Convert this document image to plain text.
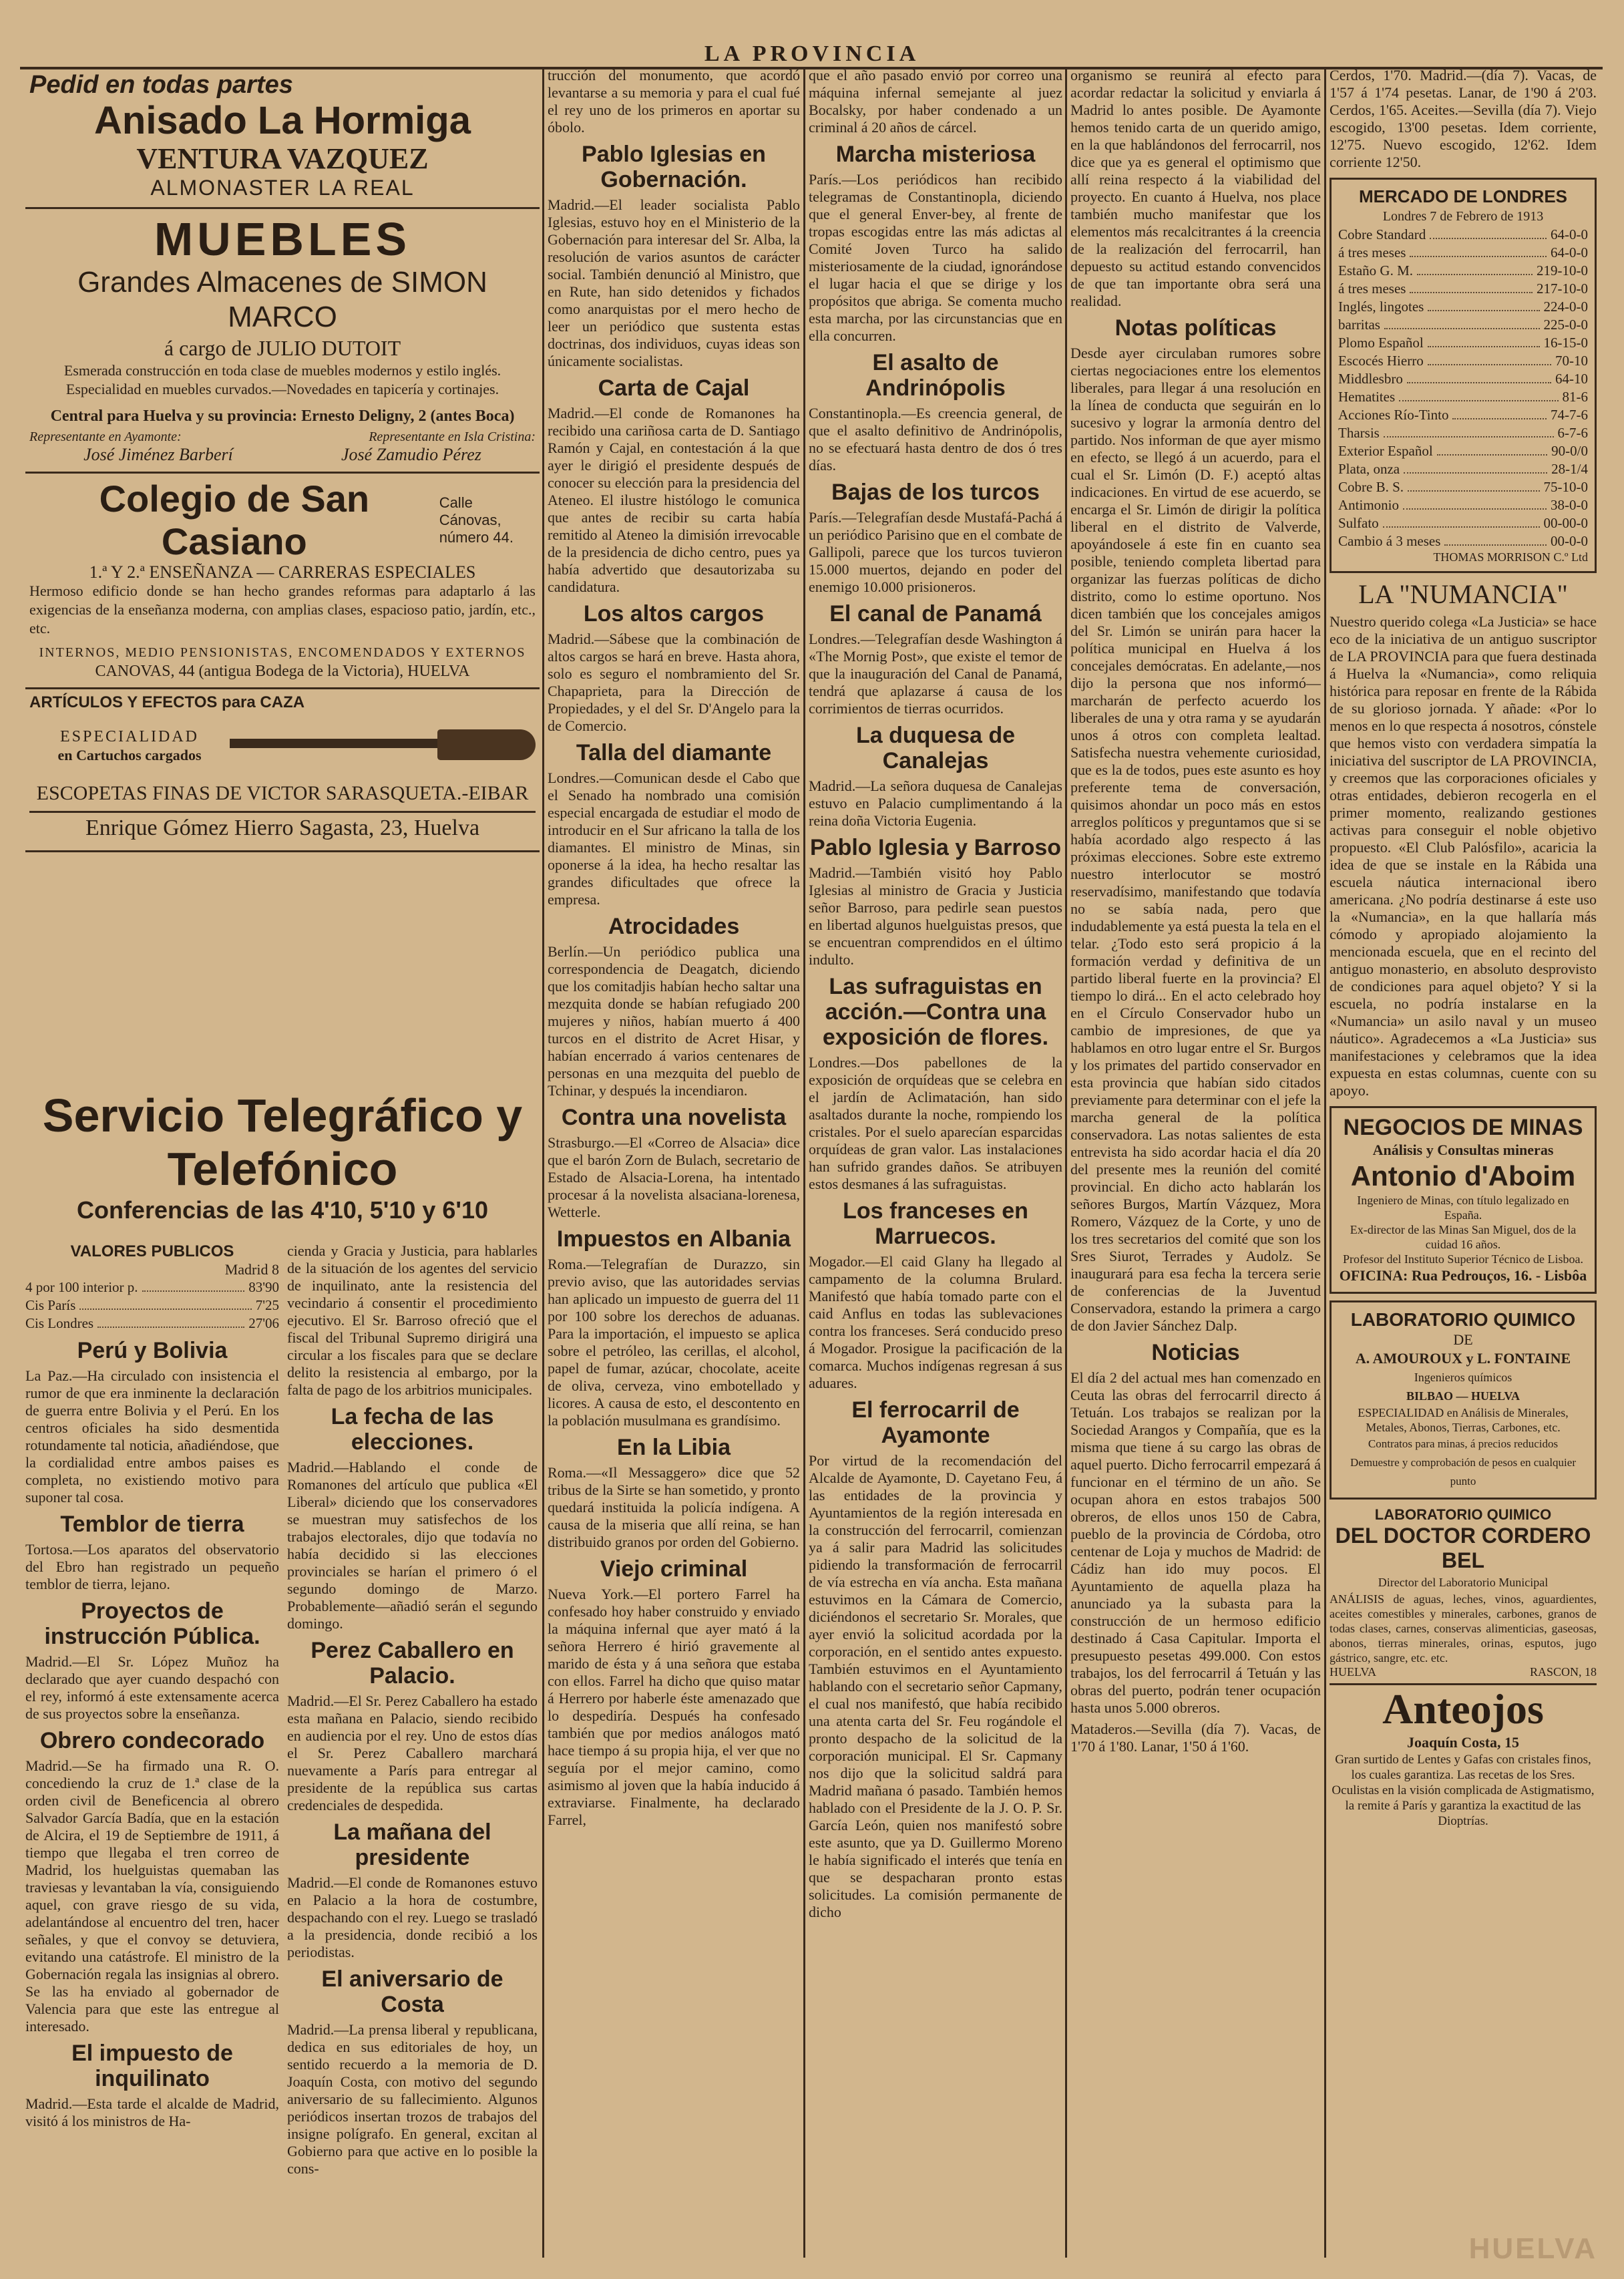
LA PROVINCIA
Pedid en todas partes
Anisado La Hormiga
VENTURA VAZQUEZ
ALMONASTER LA REAL
MUEBLES
Grandes Almacenes de SIMON MARCO
á cargo de JULIO DUTOIT
Esmerada construcción en toda clase de muebles modernos y estilo inglés.
Especialidad en muebles curvados.—Novedades en tapicería y cortinajes.
Central para Huelva y su provincia: Ernesto Deligny, 2 (antes Boca)
Representante en Ayamonte:	Representante en Isla Cristina:
José Jiménez Barberí	José Zamudio Pérez
Colegio de San Casiano
Calle Cánovas, número 44.
1.ª Y 2.ª ENSEÑANZA — CARRERAS ESPECIALES
Hermoso edificio donde se han hecho grandes reformas para adaptarlo á las exigencias de la enseñanza moderna, con amplias clases, espacioso patio, jardín, etc., etc.
INTERNOS, MEDIO PENSIONISTAS, ENCOMENDADOS Y EXTERNOS
CANOVAS, 44 (antigua Bodega de la Victoria), HUELVA
ARTÍCULOS Y EFECTOS para CAZA
ESPECIALIDAD
en Cartuchos cargados
ESCOPETAS FINAS DE VICTOR SARASQUETA.-EIBAR
Enrique Gómez Hierro Sagasta, 23, Huelva
Servicio Telegráfico y Telefónico
Conferencias de las 4'10, 5'10 y 6'10
VALORES PUBLICOS
Madrid 8
4 por 100 interior p.	83'90
Cis París	7'25
Cis Londres	27'06
Perú y Bolivia

La Paz.—Ha circulado con insistencia el rumor de que era inminente la declaración de guerra entre Bolivia y el Perú. En los centros oficiales ha sido desmentida rotundamente tal noticia, añadiéndose, que la cordialidad entre ambos paises es completa, no existiendo motivo para suponer tal cosa.

Temblor de tierra

Tortosa.—Los aparatos del observatorio del Ebro han registrado un pequeño temblor de tierra, lejano.

Proyectos de instrucción Pública.

Madrid.—El Sr. López Muñoz ha declarado que ayer cuando despachó con el rey, informó á este extensamente acerca de sus proyectos sobre la enseñanza.

Obrero condecorado

Madrid.—Se ha firmado una R. O. concediendo la cruz de 1.ª clase de la orden civil de Beneficencia al obrero Salvador García Badía, que en la estación de Alcira, el 19 de Septiembre de 1911, á tiempo que llegaba el tren correo de Madrid, los huelguistas quemaban las traviesas y levantaban la vía, consiguiendo aquel, con grave riesgo de su vida, adelantándose al encuentro del tren, hacer señales, y que el convoy se detuviera, evitando una catástrofe. El ministro de la Gobernación regala las insignias al obrero. Se las ha enviado al gobernador de Valencia para que este las entregue al interesado.

El impuesto de inquilinato

Madrid.—Esta tarde el alcalde de Madrid, visitó á los ministros de Ha-

cienda y Gracia y Justicia, para hablarles de la situación de los agentes del servicio de inquilinato, ante la resistencia del vecindario á consentir el procedimiento ejecutivo. El Sr. Barroso ofreció que el fiscal del Tribunal Supremo dirigirá una circular a los fiscales para que se declare delito la resistencia al embargo, por la falta de pago de los arbitrios municipales.

La fecha de las elecciones.

Madrid.—Hablando el conde de Romanones del artículo que publica «El Liberal» diciendo que los conservadores se muestran muy satisfechos de los trabajos electorales, dijo que todavía no había decidido si las elecciones provinciales se harían el primero ó el segundo domingo de Marzo. Probablemente—añadió serán el segundo domingo.

Perez Caballero en Palacio.

Madrid.—El Sr. Perez Caballero ha estado esta mañana en Palacio, siendo recibido en audiencia por el rey. Uno de estos días el Sr. Perez Caballero marchará nuevamente a París para entregar al presidente de la república sus cartas credenciales de despedida.

La mañana del presidente

Madrid.—El conde de Romanones estuvo en Palacio a la hora de costumbre, despachando con el rey. Luego se trasladó a la presidencia, donde recibió a los periodistas.

El aniversario de Costa

Madrid.—La prensa liberal y republicana, dedica en sus editoriales de hoy, un sentido recuerdo a la memoria de D. Joaquín Costa, con motivo del segundo aniversario de su fallecimiento. Algunos periódicos insertan trozos de trabajos del insigne polígrafo. En general, excitan al Gobierno para que active en lo posible la cons-

trucción del monumento, que acordó levantarse a su memoria y para el cual fué el rey uno de los primeros en aportar su óbolo.

Pablo Iglesias en Gobernación.

Madrid.—El leader socialista Pablo Iglesias, estuvo hoy en el Ministerio de la Gobernación para interesar del Sr. Alba, la resolución de varios asuntos de carácter social. También denunció al Ministro, que en Rute, han sido detenidos y fichados como anarquistas por el mero hecho de leer un periódico que sustenta estas doctrinas, dos individuos, cuyas ideas son únicamente socialistas.

Carta de Cajal

Madrid.—El conde de Romanones ha recibido una cariñosa carta de D. Santiago Ramón y Cajal, en contestación á la que ayer le dirigió el presidente después de conocer su elección para la presidencia del Ateneo. El ilustre histólogo le comunica que antes de recibir su carta había remitido al Ateneo la dimisión irrevocable de la presidencia de dicho centro, pues ya había advertido que desautorizaba su candidatura.

Los altos cargos

Madrid.—Sábese que la combinación de altos cargos se hará en breve. Hasta ahora, solo es seguro el nombramiento del Sr. Chapaprieta, para la Dirección de Propiedades, y el del Sr. D'Angelo para la de Comercio.

Talla del diamante

Londres.—Comunican desde el Cabo que el Senado ha nombrado una comisión especial encargada de estudiar el modo de introducir en el Sur africano la talla de los diamantes. El ministro de Minas, sin oponerse á la idea, ha hecho resaltar las grandes dificultades que ofrece la empresa.

Atrocidades

Berlín.—Un periódico publica una correspondencia de Deagatch, diciendo que los comitadjis habían hecho saltar una mezquita donde se habían refugiado 200 mujeres y niños, habían muerto á 400 turcos en el distrito de Acret Hisar, y habían encerrado á varios centenares de personas en una mezquita del pueblo de Tchinar, y después la incendiaron.

Contra una novelista

Strasburgo.—El «Correo de Alsacia» dice que el barón Zorn de Bulach, secretario de Estado de Alsacia-Lorena, ha intentado procesar á la novelista alsaciana-lorenesa, Wetterle.

Impuestos en Albania

Roma.—Telegrafían de Durazzo, sin previo aviso, que las autoridades servias han aplicado un impuesto de guerra del 11 por 100 sobre los derechos de aduanas. Para la importación, el impuesto se aplica sobre el petróleo, las cerillas, el alcohol, papel de fumar, azúcar, chocolate, aceite de oliva, cerveza, vino embotellado y licores. A causa de esto, el descontento en la población musulmana es grandísimo.

En la Libia

Roma.—«Il Messaggero» dice que 52 tribus de la Sirte se han sometido, y pronto quedará instituida la policía indígena. A causa de la miseria que allí reina, se han distribuido granos por orden del Gobierno.

Viejo criminal

Nueva York.—El portero Farrel ha confesado hoy haber construido y enviado la máquina infernal que ayer mató á la señora Herrero é hirió gravemente al marido de ésta y á una señora que estaba con ellos. Farrel ha dicho que quiso matar á Herrero por haberle éste amenazado que lo despediría. Después ha confesado también que por medios análogos mató hace tiempo á su propia hija, el ver que no seguía por el mejor camino, como asimismo al joven que la había inducido á extraviarse. Finalmente, ha declarado Farrel,

que el año pasado envió por correo una máquina infernal semejante al juez Bocalsky, por haber condenado a un criminal á 20 años de cárcel.

Marcha misteriosa

París.—Los periódicos han recibido telegramas de Constantinopla, diciendo que el general Enver-bey, al frente de tropas escogidas entre las más adictas al Comité Joven Turco ha salido misteriosamente de la ciudad, ignorándose el lugar hacia el que se dirige y los propósitos que abriga. Se comenta mucho esta marcha, por las circunstancias que en ella concurren.

El asalto de Andrinópolis

Constantinopla.—Es creencia general, de que el asalto definitivo de Andrinópolis, no se efectuará hasta dentro de dos ó tres días.

Bajas de los turcos

París.—Telegrafían desde Mustafá-Pachá á un periódico Parisino que en el combate de Gallipoli, parece que los turcos tuvieron 15.000 muertos, dejando en poder del enemigo 10.000 prisioneros.

El canal de Panamá

Londres.—Telegrafían desde Washington á «The Mornig Post», que existe el temor de que la inauguración del Canal de Panamá, tendrá que aplazarse á causa de los corrimientos de tierras ocurridos.

La duquesa de Canalejas

Madrid.—La señora duquesa de Canalejas estuvo en Palacio cumplimentando á la reina doña Victoria Eugenia.

Pablo Iglesia y Barroso

Madrid.—También visitó hoy Pablo Iglesias al ministro de Gracia y Justicia señor Barroso, para pedirle sean puestos en libertad algunos huelguistas presos, que se encuentran comprendidos en el último indulto.

Las sufraguistas en acción.—Contra una exposición de flores.

Londres.—Dos pabellones de la exposición de orquídeas que se celebra en el jardín de Aclimatación, han sido asaltados durante la noche, rompiendo los cristales. Por el suelo aparecían esparcidas orquídeas de gran valor. Las instalaciones han sufrido grandes daños. Se atribuyen estos desmanes á las sufraguistas.

Los franceses en Marruecos.

Mogador.—El caid Glany ha llegado al campamento de la columna Brulard. Manifestó que había tomado parte con el caid Anflus en todas las sublevaciones contra los franceses. Será conducido preso á Mogador. Prosigue la pacificación de la comarca. Muchos indígenas regresan á sus aduares.

El ferrocarril de Ayamonte

Por virtud de la recomendación del Alcalde de Ayamonte, D. Cayetano Feu, á las entidades de la provincia y Ayuntamientos de la región interesada en la construcción del ferrocarril, comienzan ya á salir para Madrid las solicitudes pidiendo la transformación de ferrocarril de vía estrecha en vía ancha. Esta mañana estuvimos en la Cámara de Comercio, diciéndonos el secretario Sr. Morales, que ayer envió la solicitud acordada por la corporación, en el sentido antes expuesto. También estuvimos en el Ayuntamiento hablando con el secretario señor Capmany, el cual nos manifestó, que había recibido una atenta carta del Sr. Feu rogándole el pronto despacho de la solicitud de la corporación municipal. El Sr. Capmany nos dijo que la solicitud saldrá para Madrid mañana ó pasado. También hemos hablado con el Presidente de la J. O. P. Sr. García León, quien nos manifestó sobre este asunto, que ya D. Guillermo Moreno le había significado el interés que tenía en que se despacharan pronto estas solicitudes. La comisión permanente de dicho

organismo se reunirá al efecto para acordar redactar la solicitud y enviarla á Madrid lo antes posible. De Ayamonte hemos tenido carta de un querido amigo, en la que hablándonos del ferrocarril, nos dice que ya es general el optimismo que allí reina respecto á la viabilidad del proyecto. En cuanto á Huelva, nos place también mucho manifestar que los elementos más recalcitrantes á la creencia de la realización del ferrocarril, han depuesto su actitud estando convencidos de que tan importante obra será una realidad.

Notas políticas

Desde ayer circulaban rumores sobre ciertas negociaciones entre los elementos liberales, para llegar á una resolución en la línea de conducta que seguirán en lo sucesivo y lograr la armonía dentro del partido. Nos informan de que ayer mismo en efecto, se llegó á un acuerdo, para el cual el Sr. Limón (D. F.) aceptó altas indicaciones. En virtud de ese acuerdo, se encarga el Sr. Limón de dirigir la política liberal en el distrito de Valverde, apoyándosele á este fin en cuanto sea posible, teniendo completa libertad para organizar las fuerzas políticas de dicho distrito, como lo estime oportuno. Nos dicen también que los concejales amigos del Sr. Limón se unirán para hacer la política municipal en Huelva á los concejales demócratas. En adelante,—nos dijo la persona que nos informó—marcharán de perfecto acuerdo los liberales de una y otra rama y se ayudarán unos á otros con completa lealtad. Satisfecha nuestra vehemente curiosidad, que es la de todos, pues este asunto es hoy preferente tema de conversación, quisimos ahondar un poco más en estos arreglos políticos y preguntamos que si se había acordado algo respecto á las próximas elecciones. Sobre este extremo nuestro interlocutor se mostró reservadísimo, manifestando que todavía no se sabía nada, pero que indudablemente ya está puesta la tela en el telar. ¿Todo esto será propicio á la formación verdad y definitiva de un partido liberal fuerte en la provincia? El tiempo lo dirá... En el acto celebrado hoy en el Círculo Conservador hubo un cambio de impresiones, de que ya hablamos en otro lugar entre el Sr. Burgos y los primates del partido conservador en esta provincia que habían sido citados previamente para determinar con el jefe la marcha general de la política conservadora. Las notas salientes de esta entrevista ha sido acordar hacia el día 20 del presente mes la reunión del comité provincial. En dicho acto hablarán los señores Burgos, Martín Vázquez, Mora Romero, Vázquez de la Corte, y uno de los tres secretarios del comité que son los Sres Siurot, Terrades y Audolz. Se inaugurará para esa fecha la tercera serie de conferencias de la Juventud Conservadora, estando la primera a cargo de don Javier Sánchez Dalp.

Noticias

El día 2 del actual mes han comenzado en Ceuta las obras del ferrocarril directo á Tetuán. Los trabajos se realizan por la Sociedad Arangos y Compañía, que es la misma que tiene á su cargo las obras de aquel puerto. Dicho ferrocarril empezará á funcionar en el término de un año. Se ocupan ahora en estos trabajos 500 obreros, de ellos unos 150 de Cabra, pueblo de la provincia de Córdoba, otro centenar de Loja y muchos de Madrid: de Cádiz han ido muy pocos. El Ayuntamiento de aquella plaza ha anunciado ya la subasta para la construcción de un hermoso edificio destinado á Casa Capitular. Importa el presupuesto pesetas 499.000. Con estos trabajos, los del ferrocarril á Tetuán y las obras del puerto, podrán tener ocupación hasta unos 5.000 obreros.

Mataderos.—Sevilla (día 7). Vacas, de 1'70 á 1'80. Lanar, 1'50 á 1'60.

Cerdos, 1'70. Madrid.—(día 7). Vacas, de 1'57 á 1'74 pesetas. Lanar, de 1'90 á 2'03. Cerdos, 1'65. Aceites.—Sevilla (día 7). Viejo escogido, 13'00 pesetas. Idem corriente, 12'75. Nuevo escogido, 12'62. Idem corriente 12'50.

MERCADO DE LONDRES
Londres 7 de Febrero de 1913
Cobre Standard	64-0-0
á tres meses	64-0-0
Estaño G. M.	219-10-0
á tres meses	217-10-0
Inglés, lingotes	224-0-0
barritas	225-0-0
Plomo Español	16-15-0
Escocés Hierro	70-10
Middlesbro	64-10
Hematites	81-6
Acciones Río-Tinto	74-7-6
Tharsis	6-7-6
Exterior Español	90-0/0
Plata, onza	28-1/4
Cobre B. S.	75-10-0
Antimonio	38-0-0
Sulfato	00-00-0
Cambio á 3 meses	00-0-0
THOMAS MORRISON C.º Ltd
LA "NUMANCIA"

Nuestro querido colega «La Justicia» se hace eco de la iniciativa de un antiguo suscriptor de LA PROVINCIA para que fuera destinada á Huelva la «Numancia», como reliquia histórica para reposar en frente de la Rábida de su glorioso jornada. Y añade: «Por lo menos en lo que respecta á nosotros, cónstele que hemos visto con verdadera simpatía la iniciativa del suscriptor de LA PROVINCIA, y creemos que las corporaciones oficiales y otras entidades, debieron recogerla en el primer momento, realizando gestiones activas para conseguir el noble objetivo propuesto. «El Club Palósfilo», acaricia la idea de que se instale en la Rábida una escuela náutica internacional ibero americana. ¿No podría destinarse á este uso la «Numancia», en la que hallaría más cómodo y apropiado alojamiento la mencionada escuela, que en el recinto del antiguo monasterio, en absoluto desprovisto de condiciones para aquel objeto? Y si la escuela, no podría instalarse en la «Numancia» un asilo naval y un museo náutico». Agradecemos a «La Justicia» sus manifestaciones y celebramos que la idea expuesta en estas columnas, cuente con su apoyo.

NEGOCIOS DE MINAS
Análisis y Consultas mineras
Antonio d'Aboim
Ingeniero de Minas, con título legalizado en España.
Ex-director de las Minas San Miguel, dos de la cuidad 16 años.
Profesor del Instituto Superior Técnico de Lisboa.
OFICINA: Rua Pedrouços, 16. - Lisbôa
LABORATORIO QUIMICO
DE
A. AMOUROUX y L. FONTAINE
Ingenieros químicos
BILBAO — HUELVA
ESPECIALIDAD en Análisis de Minerales, Metales, Abonos, Tierras, Carbones, etc.
Contratos para minas, á precios reducidos
Demuestre y comprobación de pesos en cualquier punto
LABORATORIO QUIMICO
DEL DOCTOR CORDERO BEL
Director del Laboratorio Municipal
ANÁLISIS de aguas, leches, vinos, aguardientes, aceites comestibles y minerales, carbones, granos de todas clases, carnes, conservas alimenticias, gaseosas, abonos, tierras minerales, orinas, esputos, jugo gástrico, sangre, etc. etc.
HUELVA	RASCON, 18
Anteojos
Joaquín Costa, 15
Gran surtido de Lentes y Gafas con cristales finos, los cuales garantiza. Las recetas de los Sres. Oculistas en la visión complicada de Astigmatismo, la remite á París y garantiza la exactitud de las Dioptrías.
HUELVA
